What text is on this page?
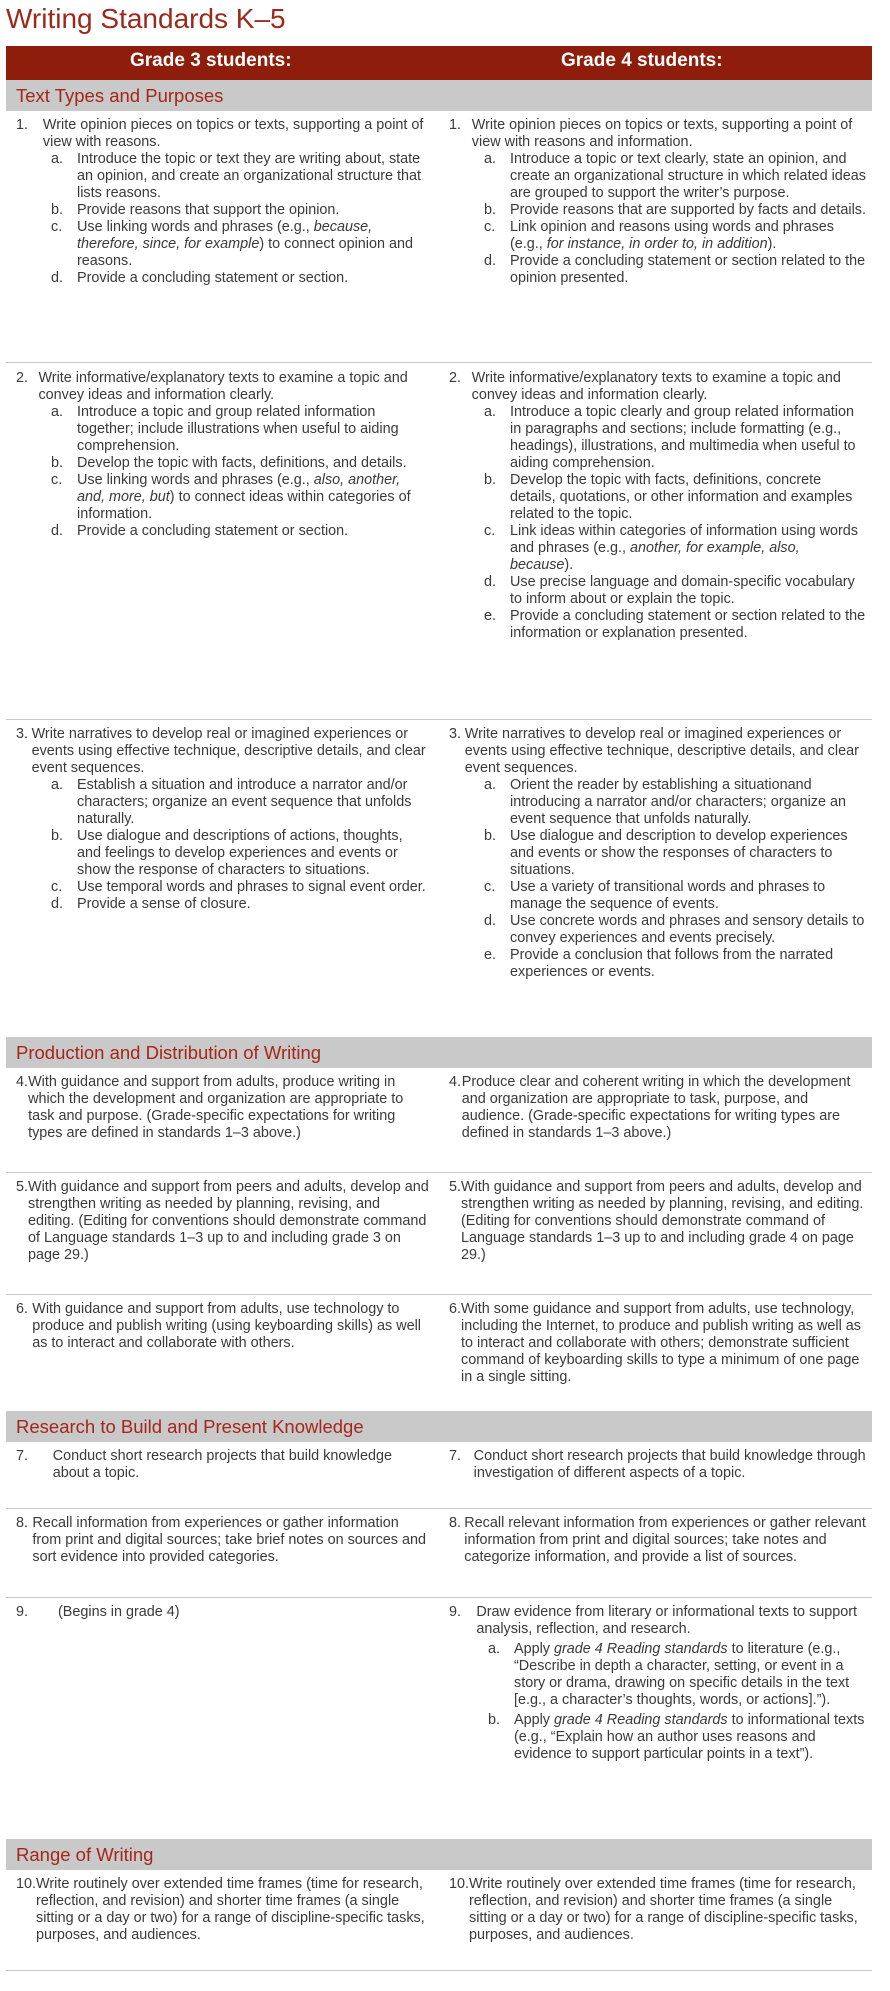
Writing Standards K–5
Grade 3 students:	Grade 4 students:
Text Types and Purposes
1.	Write opinion pieces on topics or texts, supporting a point of view with reasons.
a. Introduce the topic or text they are writing about, state an opinion, and create an organizational structure that lists reasons.
b. Provide reasons that support the opinion.
c.	Use linking words and phrases (e.g., because, therefore, since, for example) to connect opinion and reasons.
d. Provide a concluding statement or section.
1. Write opinion pieces on topics or texts, supporting a point of view with reasons and information.
a. Introduce a topic or text clearly, state an opinion, and create an organizational structure in which related ideas are grouped to support the writer’s purpose.
b. Provide reasons that are supported by facts and details.
c.	Link opinion and reasons using words and phrases (e.g., for instance, in order to, in addition).
d. Provide a concluding statement or section related to the opinion presented.
2. Write informative/explanatory texts to examine a topic and convey ideas and information clearly.
a. Introduce a topic and group related information together; include illustrations when useful to aiding comprehension.
b. Develop the topic with facts, definitions, and details.
c.	Use linking words and phrases (e.g., also, another, and, more, but) to connect ideas within categories of information.
d. Provide a concluding statement or section.
2. Write informative/explanatory texts to examine a topic and convey ideas and information clearly.
a. Introduce a topic clearly and group related information in paragraphs and sections; include formatting (e.g., headings), illustrations, and multimedia when useful to aiding comprehension.
b. Develop the topic with facts, definitions, concrete details, quotations, or other information and examples related to the topic.
c.	Link ideas within categories of information using words and phrases (e.g., another, for example, also, because).
d. Use precise language and domain-specific vocabulary to inform about or explain the topic.
e. Provide a concluding statement or section related to the information or explanation presented.
3. Write narratives to develop real or imagined experiences or events using effective technique, descriptive details, and clear event sequences.
a. Establish a situation and introduce a narrator and/or characters; organize an event sequence that unfolds naturally.
b. Use dialogue and descriptions of actions, thoughts, and feelings to develop experiences and events or show the response of characters to situations.
c.	Use temporal words and phrases to signal event order.
d. Provide a sense of closure.
3. Write narratives to develop real or imagined experiences or events using effective technique, descriptive details, and clear event sequences.
a. Orient the reader by establishing a situationand introducing a narrator and/or characters; organize an event sequence that unfolds naturally.
b. Use dialogue and description to develop experiences and events or show the responses of characters to situations.
c.	Use a variety of transitional words and phrases to manage the sequence of events.
d. Use concrete words and phrases and sensory details to convey experiences and events precisely.
e. Provide a conclusion that follows from the narrated experiences or events.
Production and Distribution of Writing
4. With guidance and support from adults, produce writing in which the development and organization are appropriate to task and purpose. (Grade-specific expectations for writing types are defined in standards 1–3 above.)
4. Produce clear and coherent writing in which the development and organization are appropriate to task, purpose, and audience. (Grade-specific expectations for writing types are defined in standards 1–3 above.)
5. With guidance and support from peers and adults, develop and strengthen writing as needed by planning, revising, and editing. (Editing for conventions should demonstrate command of Language standards 1–3 up to and including grade 3 on page 29.)
5. With guidance and support from peers and adults, develop and strengthen writing as needed by planning, revising, and editing. (Editing for conventions should demonstrate command of Language standards 1–3 up to and including grade 4 on page 29.)
6. With guidance and support from adults, use technology to produce and publish writing (using keyboarding skills) as well as to interact and collaborate with others.
6. With some guidance and support from adults, use technology, including the Internet, to produce and publish writing as well as to interact and collaborate with others; demonstrate sufficient command of keyboarding skills to type a minimum of one page in a single sitting.
Research to Build and Present Knowledge
7.	Conduct short research projects that build knowledge about a topic.
7. Conduct short research projects that build knowledge through investigation of different aspects of a topic.
8. Recall information from experiences or gather information from print and digital sources; take brief notes on sources and sort evidence into provided categories.
8. Recall relevant information from experiences or gather relevant information from print and digital sources; take notes and categorize information, and provide a list of sources.
9.	(Begins in grade 4)	9.	Draw evidence from literary or informational texts to support analysis, reflection, and research.
a. Apply grade 4 Reading standards to literature (e.g., “Describe in depth a character, setting, or event in a story or drama, drawing on specific details in the text [e.g., a character’s thoughts, words, or actions].”).
b. Apply grade 4 Reading standards to informational texts (e.g., “Explain how an author uses reasons and evidence to support particular points in a text”).
Range of Writing
10. Write routinely over extended time frames (time for research, reflection, and revision) and shorter time frames (a single sitting or a day or two) for a range of discipline-specific tasks, purposes, and audiences.
10. Write routinely over extended time frames (time for research, reflection, and revision) and shorter time frames (a single sitting or a day or two) for a range of discipline-specific tasks, purposes, and audiences.
